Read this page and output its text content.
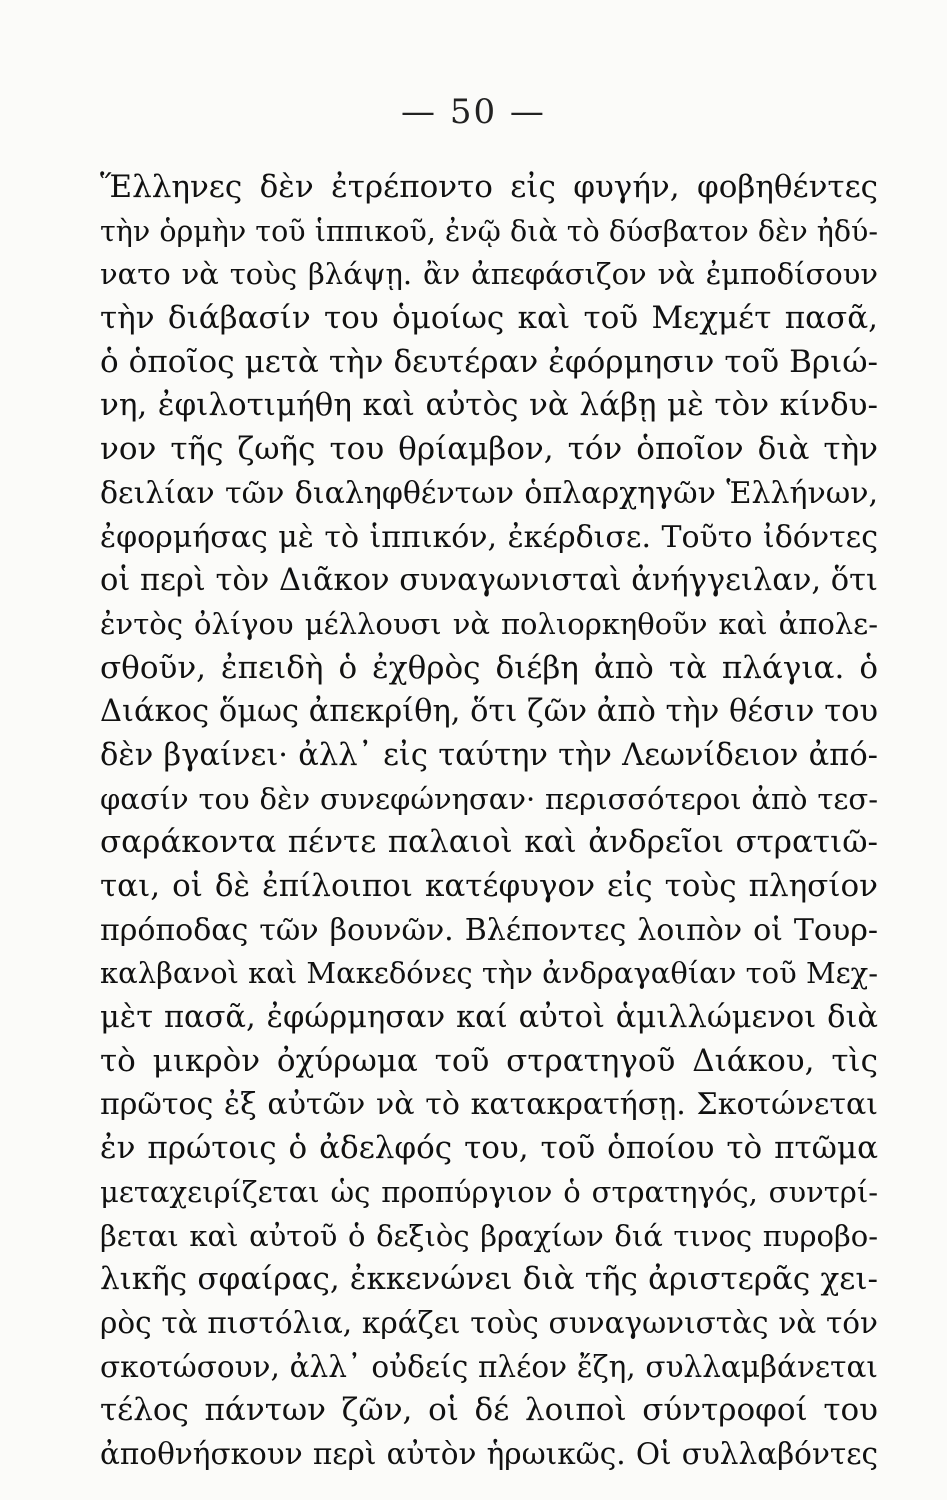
— 50 —
Ἕλληνες δὲν ἐτρέποντο εἰς φυγήν, φοβηθέντες
τὴν ὁρμὴν τοῦ ἱππικοῦ, ἐνῷ διὰ τὸ δύσβατον δὲν ἠδύ-
νατο νὰ τοὺς βλάψῃ. ἂν ἀπεφάσιζον νὰ ἐμποδίσουν
τὴν διάβασίν του ὁμοίως καὶ τοῦ Μεχμέτ πασᾶ,
ὁ ὁποῖος μετὰ τὴν δευτέραν ἐφόρμησιν τοῦ Βριώ-
νη, ἐφιλοτιμήθη καὶ αὐτὸς νὰ λάβῃ μὲ τὸν κίνδυ-
νον τῆς ζωῆς του θρίαμβον, τόν ὁποῖον διὰ τὴν
δειλίαν τῶν διαληφθέντων ὁπλαρχηγῶν Ἑλλήνων,
ἐφορμήσας μὲ τὸ ἱππικόν, ἐκέρδισε. Τοῦτο ἰδόντες
οἱ περὶ τὸν Διᾶκον συναγωνισταὶ ἀνήγγειλαν, ὅτι
ἐντὸς ὀλίγου μέλλουσι νὰ πολιορκηθοῦν καὶ ἀπολε-
σθοῦν, ἐπειδὴ ὁ ἐχθρὸς διέβη ἀπὸ τὰ πλάγια. ὁ
Διάκος ὅμως ἀπεκρίθη, ὅτι ζῶν ἀπὸ τὴν θέσιν του
δὲν βγαίνει· ἀλλ᾽ εἰς ταύτην τὴν Λεωνίδειον ἀπό-
φασίν του δὲν συνεφώνησαν· περισσότεροι ἀπὸ τεσ-
σαράκοντα πέντε παλαιοὶ καὶ ἀνδρεῖοι στρατιῶ-
ται, οἱ δὲ ἐπίλοιποι κατέφυγον εἰς τοὺς πλησίον
πρόποδας τῶν βουνῶν. Βλέποντες λοιπὸν οἱ Τουρ-
καλβανοὶ καὶ Μακεδόνες τὴν ἀνδραγαθίαν τοῦ Μεχ-
μὲτ πασᾶ, ἐφώρμησαν καί αὐτοὶ ἁμιλλώμενοι διὰ
τὸ μικρὸν ὀχύρωμα τοῦ στρατηγοῦ Διάκου, τὶς
πρῶτος ἐξ αὐτῶν νὰ τὸ κατακρατήσῃ. Σκοτώνεται
ἐν πρώτοις ὁ ἀδελφός του, τοῦ ὁποίου τὸ πτῶμα
μεταχειρίζεται ὡς προπύργιον ὁ στρατηγός, συντρί-
βεται καὶ αὐτοῦ ὁ δεξιὸς βραχίων διά τινος πυροβο-
λικῆς σφαίρας, ἐκκενώνει διὰ τῆς ἀριστερᾶς χει-
ρὸς τὰ πιστόλια, κράζει τοὺς συναγωνιστὰς νὰ τόν
σκοτώσουν, ἀλλ᾽ οὐδείς πλέον ἔζη, συλλαμβάνεται
τέλος πάντων ζῶν, οἱ δέ λοιποὶ σύντροφοί του
ἀποθνήσκουν περὶ αὐτὸν ἡρωικῶς. Οἱ συλλαβόντες
